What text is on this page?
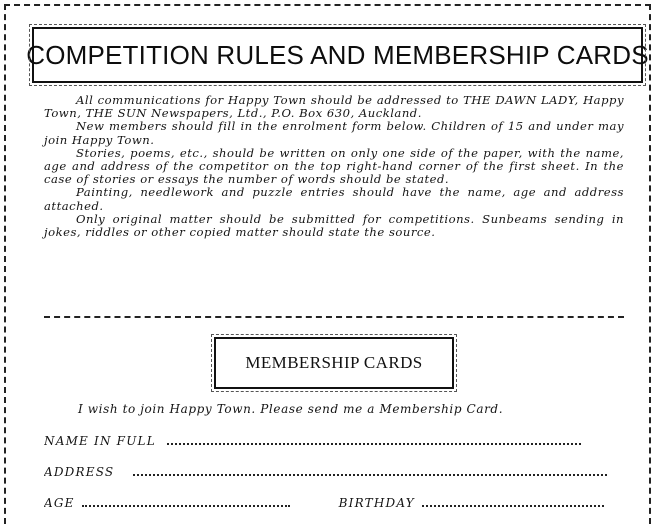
COMPETITION RULES AND MEMBERSHIP CARDS

All communications for Happy Town should be addressed to THE DAWN LADY, Happy Town, THE SUN Newspapers, Ltd., P.O. Box 630, Auckland.

New members should fill in the enrolment form below. Children of 15 and under may join Happy Town.

Stories, poems, etc., should be written on only one side of the paper, with the name, age and address of the competitor on the top right-hand corner of the first sheet. In the case of stories or essays the number of words should be stated.

Painting, needlework and puzzle entries should have the name, age and address attached.

Only original matter should be submitted for competitions. Sunbeams sending in jokes, riddles or other copied matter should state the source.

MEMBERSHIP CARDS
I wish to join Happy Town. Please send me a Membership Card.
NAME IN FULL
ADDRESS
AGE	BIRTHDAY
